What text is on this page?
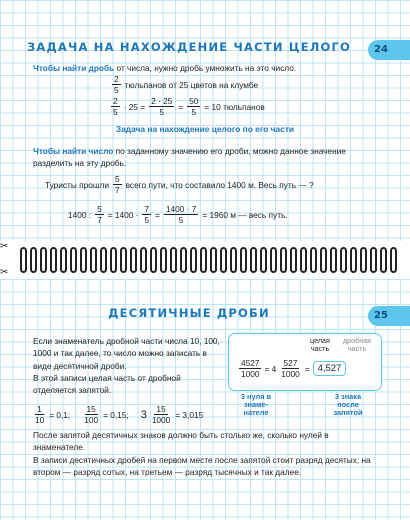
ЗАДАЧА НА НАХОЖДЕНИЕ ЧАСТИ ЦЕЛОГО	24
Чтобы найти дробь от числа, нужно дробь умножить на это число.
$\frac{2}{5}$ тюльпанов от 25 цветов на клумбе
$\frac{2}{5} \cdot 25 = \frac{2 \cdot 25}{5} = \frac{50}{5} = 10$ тюльпанов
Задача на нахождение целого по его части
Чтобы найти число по заданному значению его дроби, можно данное значение разделить на эту дробь.
Туристы прошли $\frac{5}{7}$ всего пути, что составило 1400 м. Весь путь — ?
1400 : $\frac{5}{7} = 1400 \cdot \frac{7}{5} = \frac{1400 \cdot 7}{5} = 1960$ м — весь путь.
✂
✂
ДЕСЯТИЧНЫЕ ДРОБИ	25
Если знаменатель дробной части числа 10, 100, 1000 и так далее, то число можно записать в виде десятичной дроби.
В этой записи целая часть от дробной отделяется запятой.
$\frac{1}{10} = 0,1$; $\frac{15}{100} = 0,15$; $3 \frac{15}{1000} = 3,015$
целая часть
дробная часть
$\frac{4527}{1000} = 4 \frac{527}{1000} = 4,527$
3 нуля в знаме-нателе
3 знака после запятой
После запятой десятичных знаков должно быть столько же, сколько нулей в знаменателе.
В записи десятичных дробей на первом месте после запятой стоит разряд десятых, на втором — разряд сотых, на третьем — разряд тысячных и так далее.
